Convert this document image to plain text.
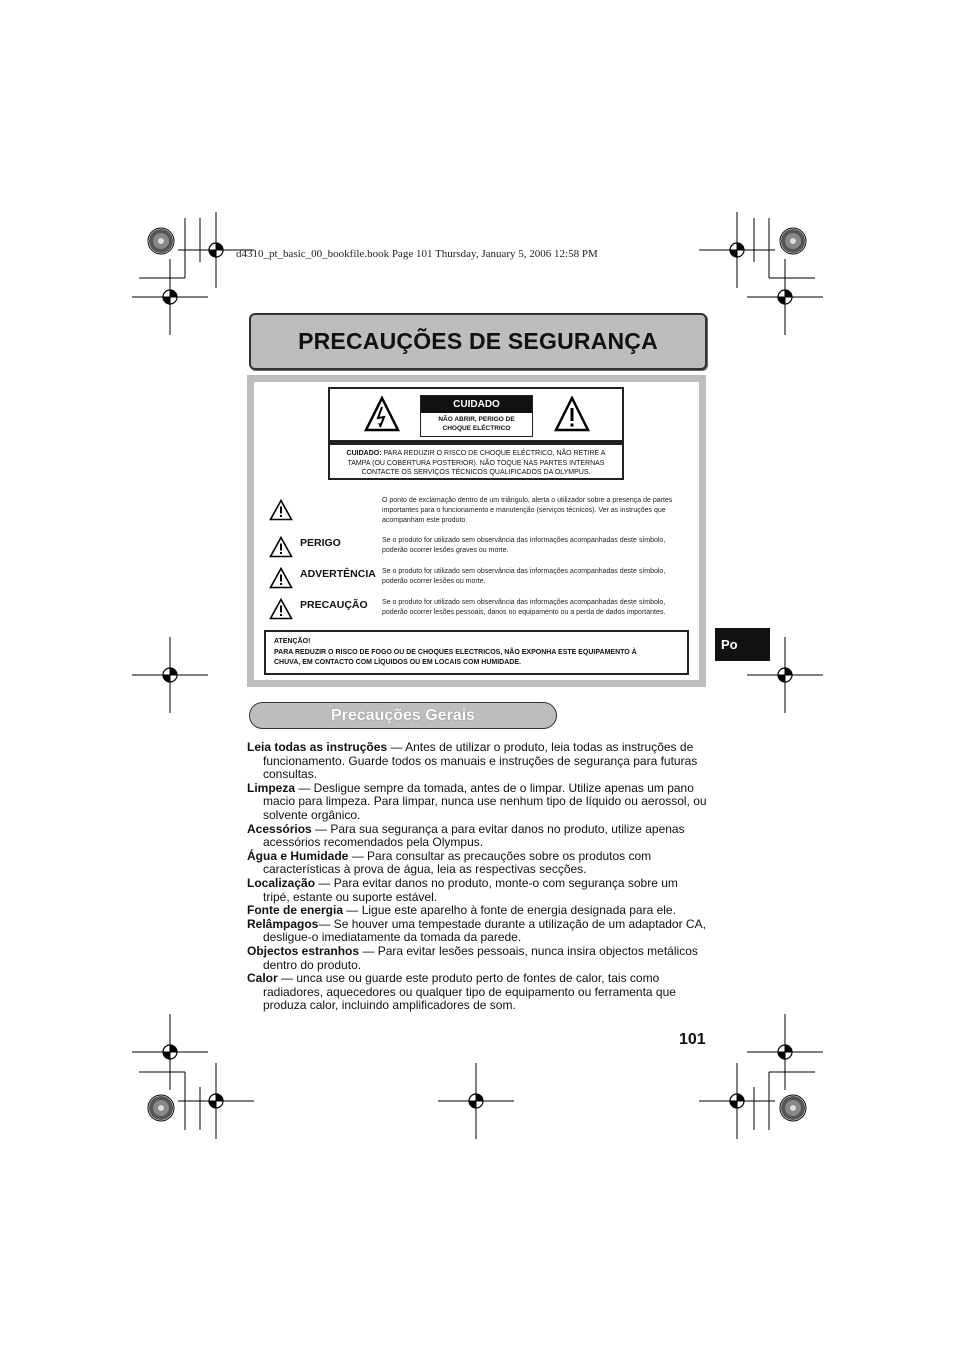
d4310_pt_basic_00_bookfile.book Page 101 Thursday, January 5, 2006 12:58 PM
PRECAUÇÕES DE SEGURANÇA
CUIDADO
NÃO ABRIR, PERIGO DE
CHOQUE ELÉCTRICO
CUIDADO: PARA REDUZIR O RISCO DE CHOQUE ELÉCTRICO, NÃO RETIRE A
TAMPA (OU COBERTURA POSTERIOR). NÃO TOQUE NAS PARTES INTERNAS
CONTACTE OS SERVIÇOS TÉCNICOS QUALIFICADOS DA OLYMPUS.
O ponto de exclamação dentro de um triângulo, alerta o utilizador sobre a presença de partes importantes para o funcionamento e manutenção (serviços técnicos). Ver as instruções que acompanham este produto.
PERIGO	Se o produto for utilizado sem observância das informações acompanhadas deste símbolo, poderão ocorrer lesões graves ou morte.
ADVERTÊNCIA Se o produto for utilizado sem observância das informações acompanhadas deste símbolo, poderão ocorrer lesões ou morte.
PRECAUÇÃO Se o produto for utilizado sem observância das informações acompanhadas deste símbolo, poderão ocorrer lesões pessoais, danos no equipamento ou a perda de dados importantes.
ATENÇÃO!
PARA REDUZIR O RISCO DE FOGO OU DE CHOQUES ELECTRICOS, NÃO EXPONHA ESTE EQUIPAMENTO À
CHUVA, EM CONTACTO COM LÍQUIDOS OU EM LOCAIS COM HUMIDADE.
Po
Precauções Gerais

Leia todas as instruções — Antes de utilizar o produto, leia todas as instruções de funcionamento. Guarde todos os manuais e instruções de segurança para futuras consultas.

Limpeza — Desligue sempre da tomada, antes de o limpar. Utilize apenas um pano macio para limpeza. Para limpar, nunca use nenhum tipo de líquido ou aerossol, ou solvente orgânico.

Acessórios — Para sua segurança a para evitar danos no produto, utilize apenas acessórios recomendados pela Olympus.

Água e Humidade — Para consultar as precauções sobre os produtos com características à prova de água, leia as respectivas secções.

Localização — Para evitar danos no produto, monte-o com segurança sobre um tripé, estante ou suporte estável.

Fonte de energia — Ligue este aparelho à fonte de energia designada para ele.

Relâmpagos— Se houver uma tempestade durante a utilização de um adaptador CA, desligue-o imediatamente da tomada da parede.

Objectos estranhos — Para evitar lesões pessoais, nunca insira objectos metálicos dentro do produto.

Calor — unca use ou guarde este produto perto de fontes de calor, tais como radiadores, aquecedores ou qualquer tipo de equipamento ou ferramenta que produza calor, incluindo amplificadores de som.

101
